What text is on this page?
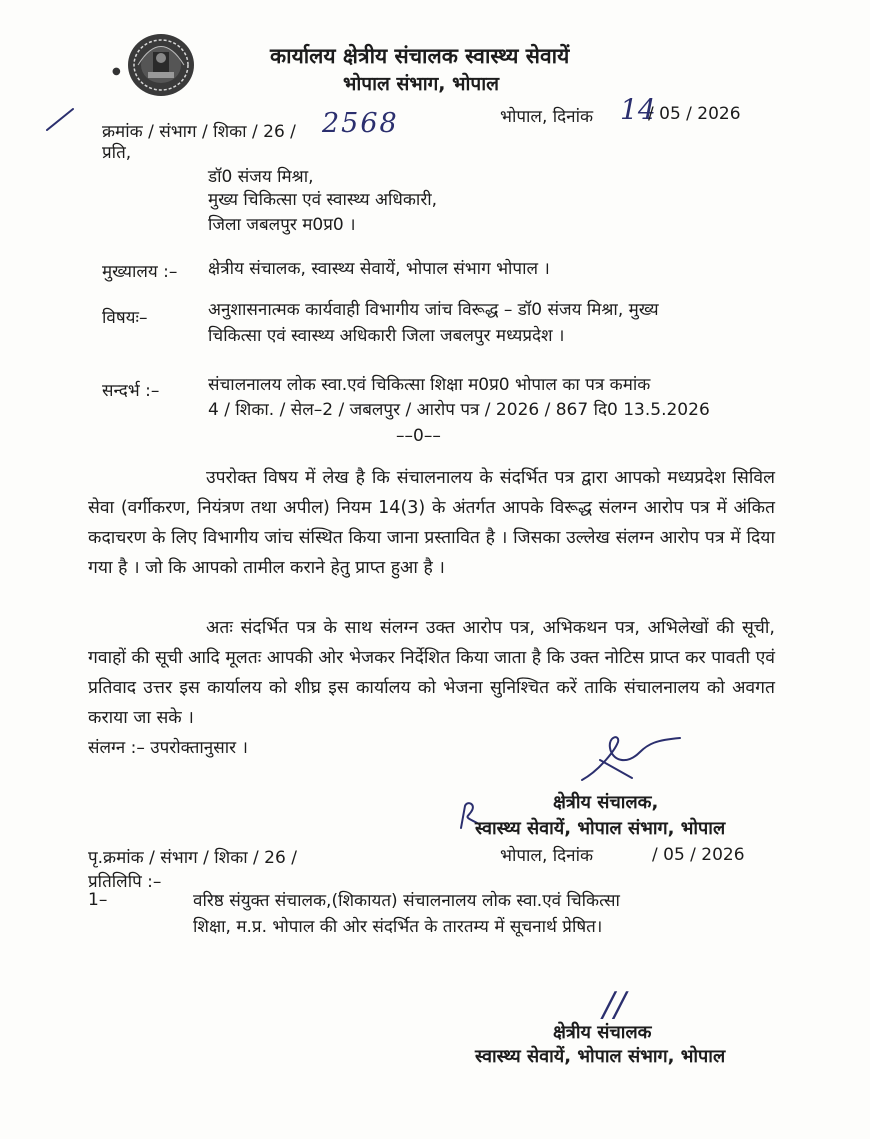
●
कार्यालय क्षेत्रीय संचालक स्वास्थ्य सेवायें
भोपाल संभाग, भोपाल
क्रमांक / संभाग / शिका / 26 / 2568	भोपाल, दिनांक 14
/ 05 / 2026
प्रति,
डॉ0 संजय मिश्रा,
मुख्य चिकित्सा एवं स्वास्थ्य अधिकारी,
जिला जबलपुर म0प्र0 ।
मुख्यालय :– क्षेत्रीय संचालक, स्वास्थ्य सेवायें, भोपाल संभाग भोपाल ।
विषयः–	अनुशासनात्मक कार्यवाही विभागीय जांच विरूद्ध – डॉ0 संजय मिश्रा, मुख्य
चिकित्सा एवं स्वास्थ्य अधिकारी जिला जबलपुर मध्यप्रदेश ।
सन्दर्भ :–	संचालनालय लोक स्वा.एवं चिकित्सा शिक्षा म0प्र0 भोपाल का पत्र कमांक
4 / शिका. / सेल–2 / जबलपुर / आरोप पत्र / 2026 / 867 दि0 13.5.2026
––0––
उपरोक्त विषय में लेख है कि संचालनालय के संदर्भित पत्र द्वारा आपको मध्यप्रदेश सिविल सेवा (वर्गीकरण, नियंत्रण तथा अपील) नियम 14(3) के अंतर्गत आपके विरूद्ध संलग्न आरोप पत्र में अंकित कदाचरण के लिए विभागीय जांच संस्थित किया जाना प्रस्तावित है । जिसका उल्लेख संलग्न आरोप पत्र में दिया गया है । जो कि आपको तामील कराने हेतु प्राप्त हुआ है ।
अतः संदर्भित पत्र के साथ संलग्न उक्त आरोप पत्र, अभिकथन पत्र, अभिलेखों की सूची, गवाहों की सूची आदि मूलतः आपकी ओर भेजकर निर्देशित किया जाता है कि उक्त नोटिस प्राप्त कर पावती एवं प्रतिवाद उत्तर इस कार्यालय को शीघ्र इस कार्यालय को भेजना सुनिश्चित करें ताकि संचालनालय को अवगत कराया जा सके ।
संलग्न :– उपरोक्तानुसार ।
क्षेत्रीय संचालक,
स्वास्थ्य सेवायें, भोपाल संभाग, भोपाल
पृ.क्रमांक / संभाग / शिका / 26 /	भोपाल, दिनांक	/ 05 / 2026
प्रतिलिपि :–
1–	वरिष्ठ संयुक्त संचालक,(शिकायत) संचालनालय लोक स्वा.एवं चिकित्सा
शिक्षा, म.प्र. भोपाल की ओर संदर्भित के तारतम्य में सूचनार्थ प्रेषित।
//
क्षेत्रीय संचालक
स्वास्थ्य सेवायें, भोपाल संभाग, भोपाल
